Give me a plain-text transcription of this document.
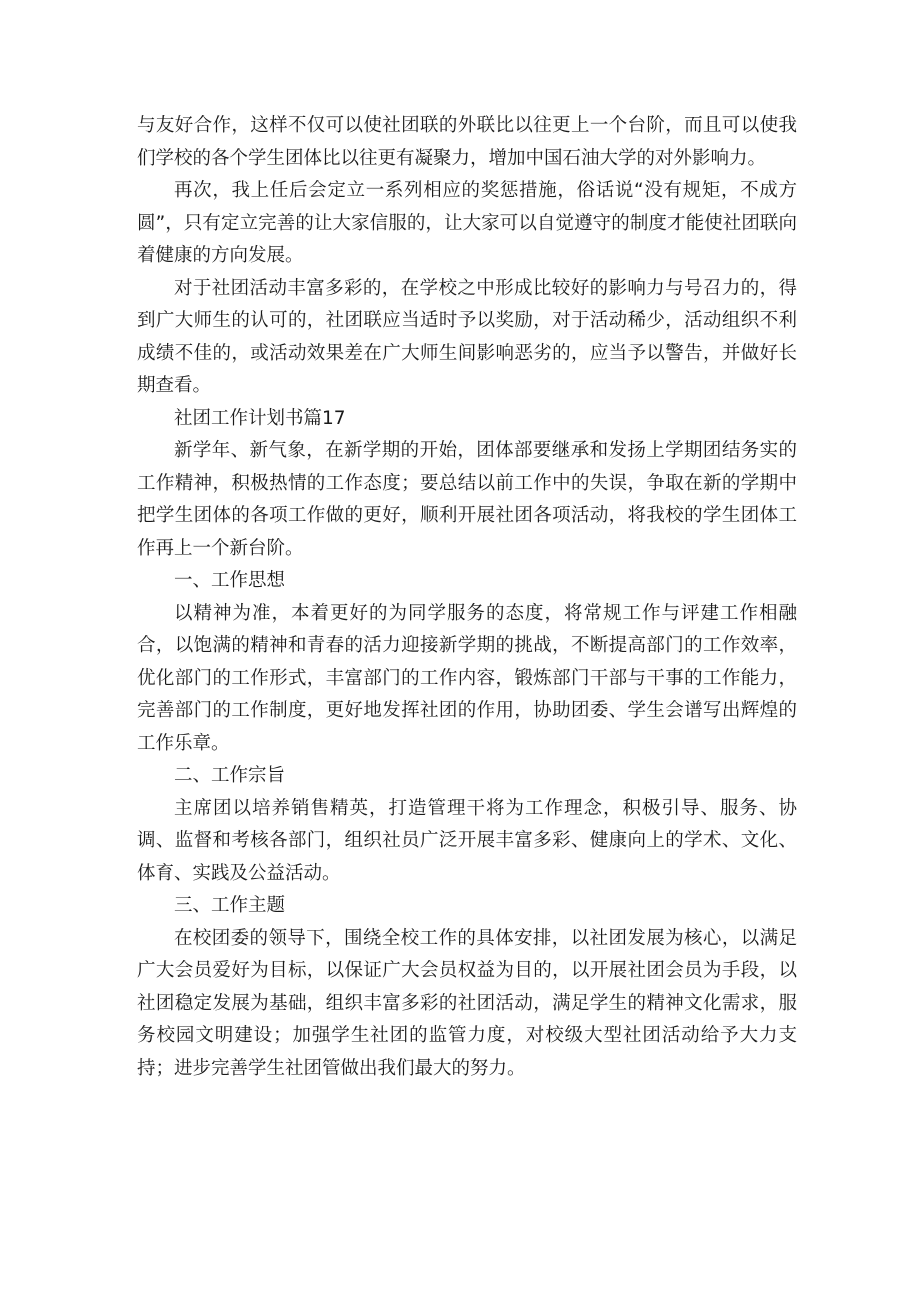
与友好合作，这样不仅可以使社团联的外联比以往更上一个台阶，而且可以使我们学校的各个学生团体比以往更有凝聚力，增加中国石油大学的对外影响力。

再次，我上任后会定立一系列相应的奖惩措施，俗话说“没有规矩，不成方圆”，只有定立完善的让大家信服的，让大家可以自觉遵守的制度才能使社团联向着健康的方向发展。

对于社团活动丰富多彩的，在学校之中形成比较好的影响力与号召力的，得到广大师生的认可的，社团联应当适时予以奖励，对于活动稀少，活动组织不利成绩不佳的，或活动效果差在广大师生间影响恶劣的，应当予以警告，并做好长期查看。

社团工作计划书篇17

新学年、新气象，在新学期的开始，团体部要继承和发扬上学期团结务实的工作精神，积极热情的工作态度；要总结以前工作中的失误，争取在新的学期中把学生团体的各项工作做的更好，顺利开展社团各项活动，将我校的学生团体工作再上一个新台阶。

一、工作思想

以精神为准，本着更好的为同学服务的态度，将常规工作与评建工作相融合，以饱满的精神和青春的活力迎接新学期的挑战，不断提高部门的工作效率，优化部门的工作形式，丰富部门的工作内容，锻炼部门干部与干事的工作能力，完善部门的工作制度，更好地发挥社团的作用，协助团委、学生会谱写出辉煌的工作乐章。

二、工作宗旨

主席团以培养销售精英，打造管理干将为工作理念，积极引导、服务、协调、监督和考核各部门，组织社员广泛开展丰富多彩、健康向上的学术、文化、体育、实践及公益活动。

三、工作主题

在校团委的领导下，围绕全校工作的具体安排，以社团发展为核心，以满足广大会员爱好为目标，以保证广大会员权益为目的，以开展社团会员为手段，以社团稳定发展为基础，组织丰富多彩的社团活动，满足学生的精神文化需求，服务校园文明建设；加强学生社团的监管力度，对校级大型社团活动给予大力支持；进步完善学生社团管做出我们最大的努力。
